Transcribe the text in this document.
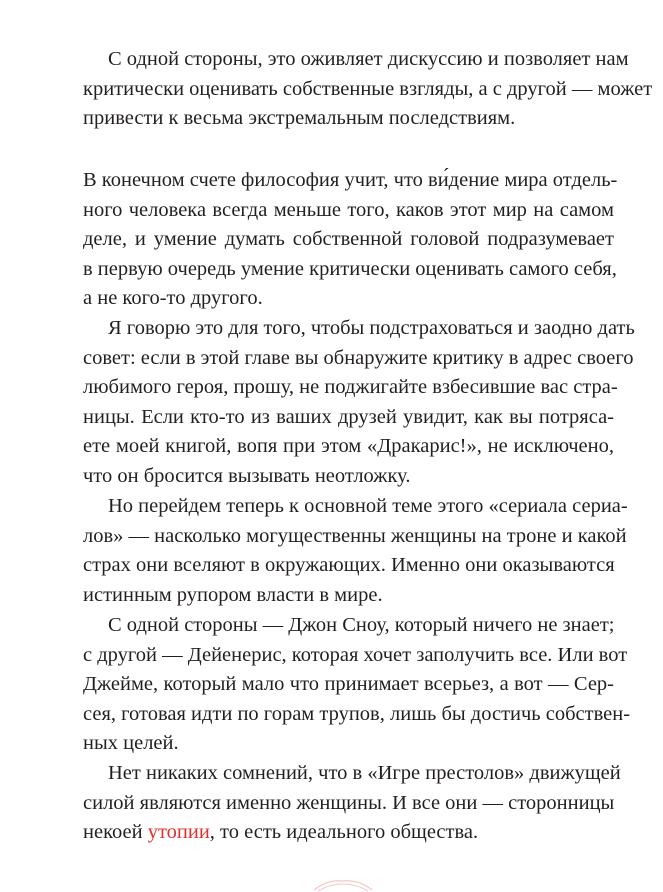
С одной стороны, это оживляет дискуссию и позволяет нам
критически оценивать собственные взгляды, а с другой — может
привести к весьма экстремальным последствиям.

В конечном счете философия учит, что ви́дение мира отдель-
ного человека всегда меньше того, каков этот мир на самом
деле, и умение думать собственной головой подразумевает
в первую очередь умение критически оценивать самого себя,
а не кого-то другого.

Я говорю это для того, чтобы подстраховаться и заодно дать
совет: если в этой главе вы обнаружите критику в адрес своего
любимого героя, прошу, не поджигайте взбесившие вас стра-
ницы. Если кто-то из ваших друзей увидит, как вы потряса-
ете моей книгой, вопя при этом «Дракарис!», не исключено,
что он бросится вызывать неотложку.

Но перейдем теперь к основной теме этого «сериала сериа-
лов» — насколько могущественны женщины на троне и какой
страх они вселяют в окружающих. Именно они оказываются
истинным рупором власти в мире.

С одной стороны — Джон Сноу, который ничего не знает;
с другой — Дейенерис, которая хочет заполучить все. Или вот
Джейме, который мало что принимает всерьез, а вот — Сер-
сея, готовая идти по горам трупов, лишь бы достичь собствен-
ных целей.

Нет никаких сомнений, что в «Игре престолов» движущей
силой являются именно женщины. И все они — сторонницы
некоей утопии, то есть идеального общества.
